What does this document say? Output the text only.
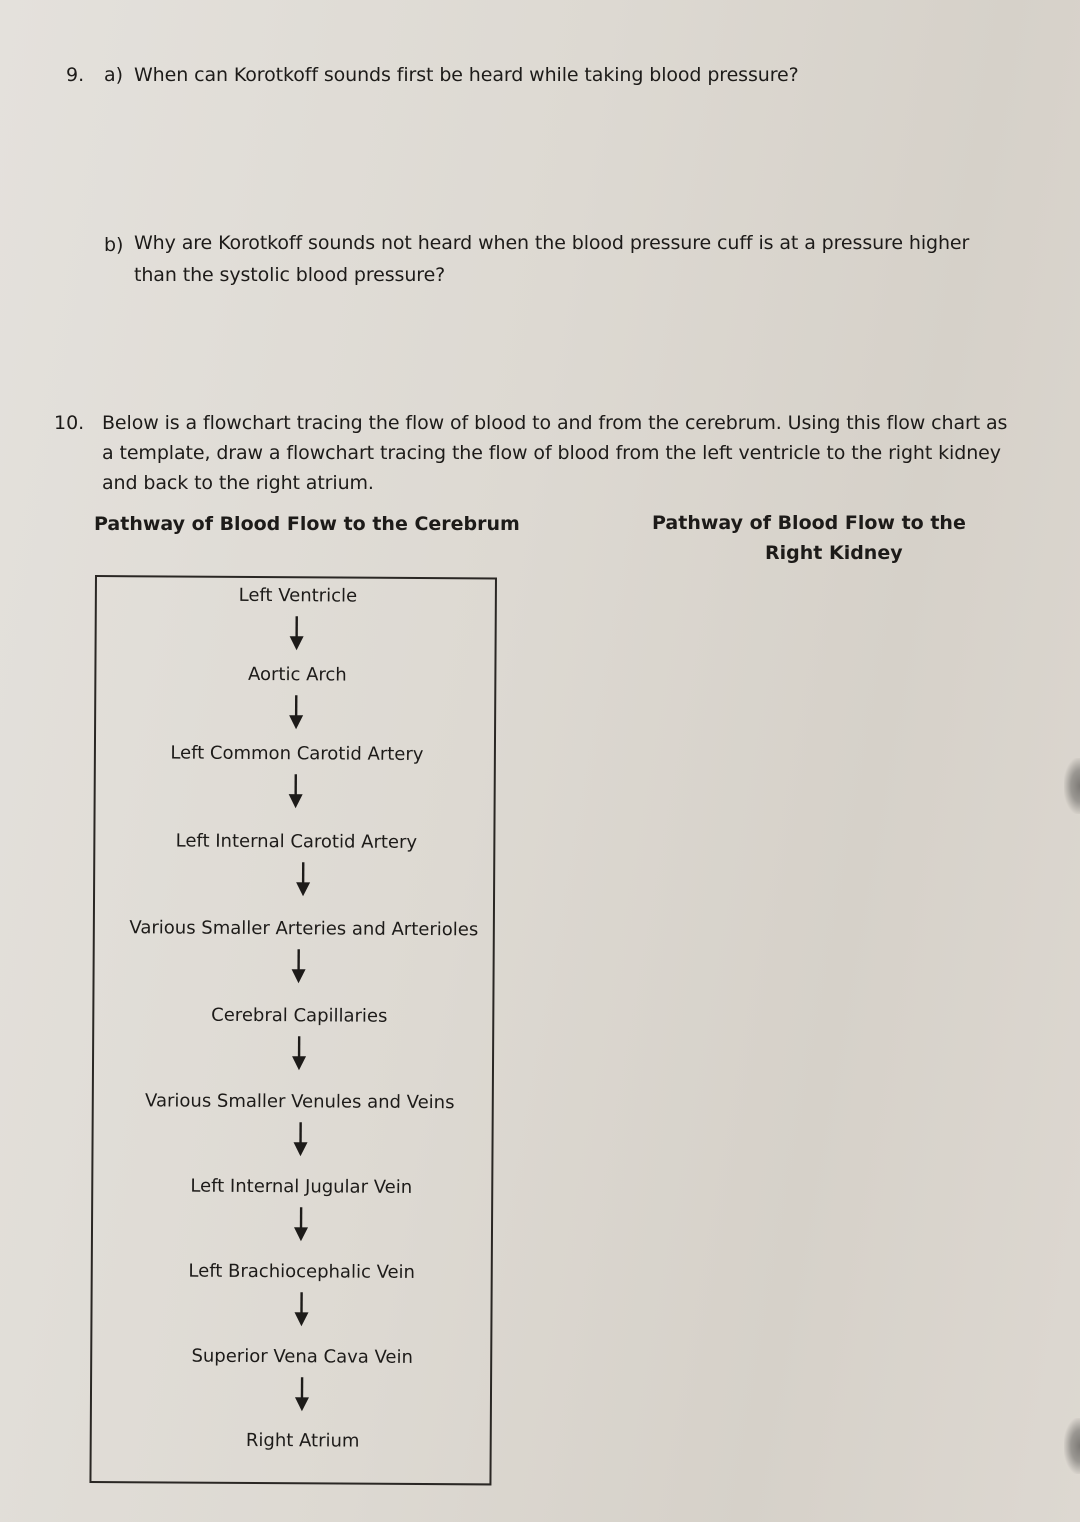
9. a) When can Korotkoff sounds first be heard while taking blood pressure?
b) Why are Korotkoff sounds not heard when the blood pressure cuff is at a pressure higher
than the systolic blood pressure?
10. Below is a flowchart tracing the flow of blood to and from the cerebrum. Using this flow chart as
a template, draw a flowchart tracing the flow of blood from the left ventricle to the right kidney
and back to the right atrium.
Pathway of Blood Flow to the Cerebrum	Pathway of Blood Flow to the
Right Kidney
Left Ventricle
Aortic Arch
Left Common Carotid Artery
Left Internal Carotid Artery
Various Smaller Arteries and Arterioles
Cerebral Capillaries
Various Smaller Venules and Veins
Left Internal Jugular Vein
Left Brachiocephalic Vein
Superior Vena Cava Vein
Right Atrium
